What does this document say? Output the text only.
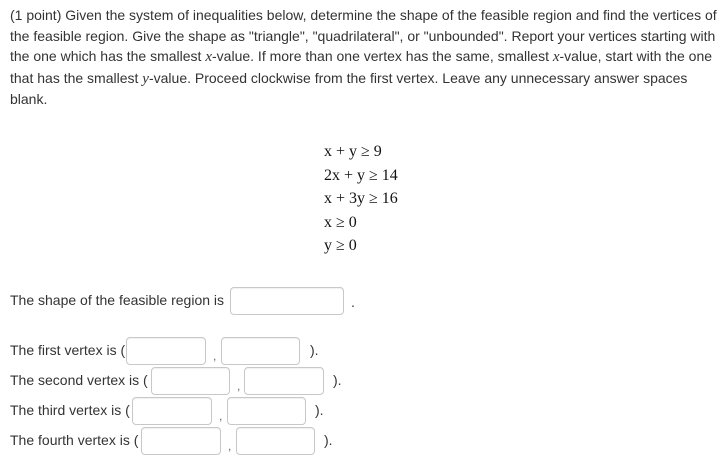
(1 point) Given the system of inequalities below, determine the shape of the feasible region and find the vertices of the feasible region. Give the shape as "triangle", "quadrilateral", or "unbounded". Report your vertices starting with the one which has the smallest x-value. If more than one vertex has the same, smallest x-value, start with the one that has the smallest y-value. Proceed clockwise from the first vertex. Leave any unnecessary answer spaces blank.
x + y ≥ 9
2x + y ≥ 14
x + 3y ≥ 16
x ≥ 0
y ≥ 0
The shape of the feasible region is	.
The first vertex is (	,	).
The second vertex is (	,	).
The third vertex is (	,	).
The fourth vertex is (	,	).
